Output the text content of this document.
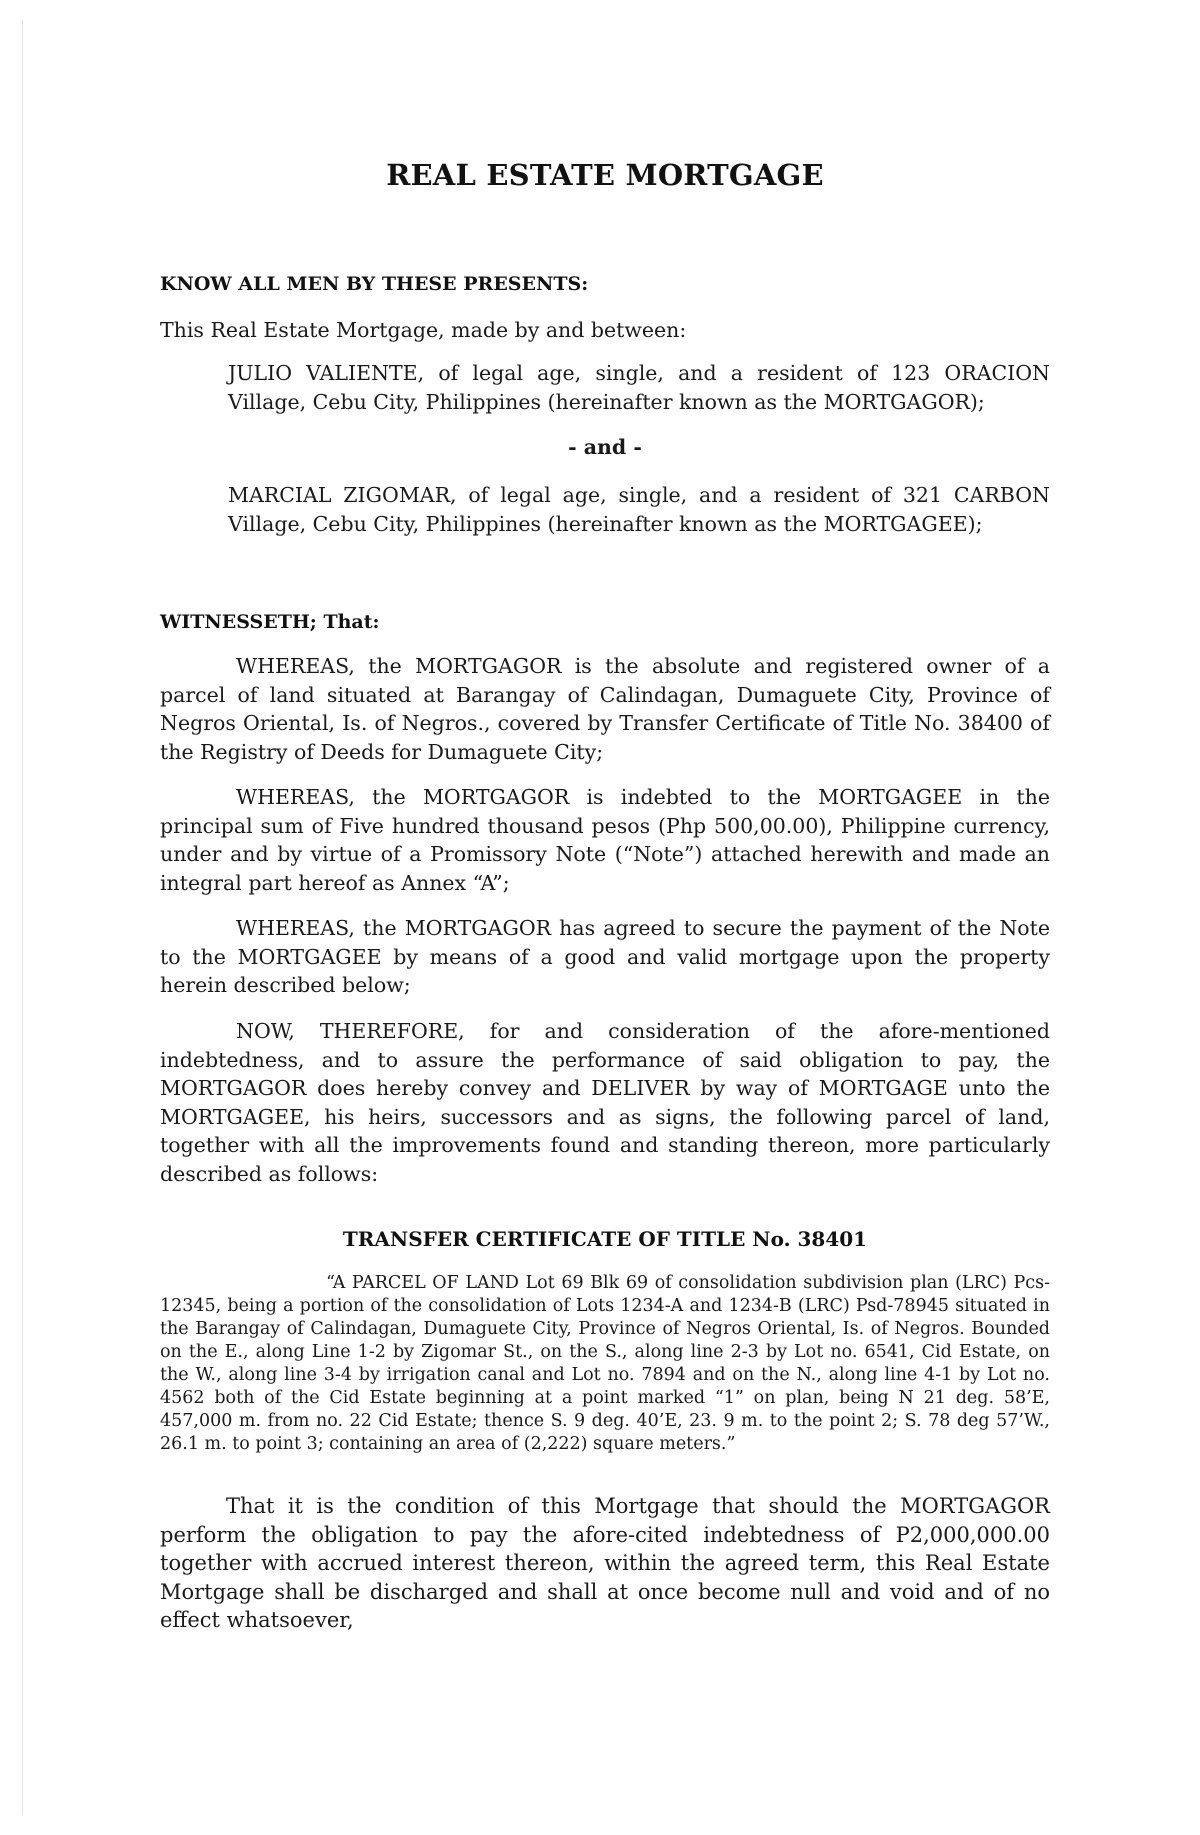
REAL ESTATE MORTGAGE
KNOW ALL MEN BY THESE PRESENTS:

This Real Estate Mortgage, made by and between:

JULIO VALIENTE, of legal age, single, and a resident of 123 ORACION Village, Cebu City, Philippines (hereinafter known as the MORTGAGOR);

- and -

MARCIAL ZIGOMAR, of legal age, single, and a resident of 321 CARBON Village, Cebu City, Philippines (hereinafter known as the MORTGAGEE);

WITNESSETH; That:

WHEREAS, the MORTGAGOR is the absolute and registered owner of a parcel of land situated at Barangay of Calindagan, Dumaguete City, Province of Negros Oriental, Is. of Negros., covered by Transfer Certificate of Title No. 38400 of the Registry of Deeds for Dumaguete City;

WHEREAS, the MORTGAGOR is indebted to the MORTGAGEE in the principal sum of Five hundred thousand pesos (Php 500,00.00), Philippine currency, under and by virtue of a Promissory Note (“Note”) attached herewith and made an integral part hereof as Annex “A”;

WHEREAS, the MORTGAGOR has agreed to secure the payment of the Note to the MORTGAGEE by means of a good and valid mortgage upon the property herein described below;

NOW, THEREFORE, for and consideration of the afore-mentioned indebtedness, and to assure the performance of said obligation to pay, the MORTGAGOR does hereby convey and DELIVER by way of MORTGAGE unto the MORTGAGEE, his heirs, successors and as signs, the following parcel of land, together with all the improvements found and standing thereon, more particularly described as follows:

TRANSFER CERTIFICATE OF TITLE No. 38401

“A PARCEL OF LAND Lot 69 Blk 69 of consolidation subdivision plan (LRC) Pcs-12345, being a portion of the consolidation of Lots 1234-A and 1234-B (LRC) Psd-78945 situated in the Barangay of Calindagan, Dumaguete City, Province of Negros Oriental, Is. of Negros. Bounded on the E., along Line 1-2 by Zigomar St., on the S., along line 2-3 by Lot no. 6541, Cid Estate, on the W., along line 3-4 by irrigation canal and Lot no. 7894 and on the N., along line 4-1 by Lot no. 4562 both of the Cid Estate beginning at a point marked “1” on plan, being N 21 deg. 58’E, 457,000 m. from no. 22 Cid Estate; thence S. 9 deg. 40’E, 23. 9 m. to the point 2; S. 78 deg 57’W., 26.1 m. to point 3; containing an area of (2,222) square meters.”

That it is the condition of this Mortgage that should the MORTGAGOR perform the obligation to pay the afore-cited indebtedness of P2,000,000.00 together with accrued interest thereon, within the agreed term, this Real Estate Mortgage shall be discharged and shall at once become null and void and of no effect whatsoever,
